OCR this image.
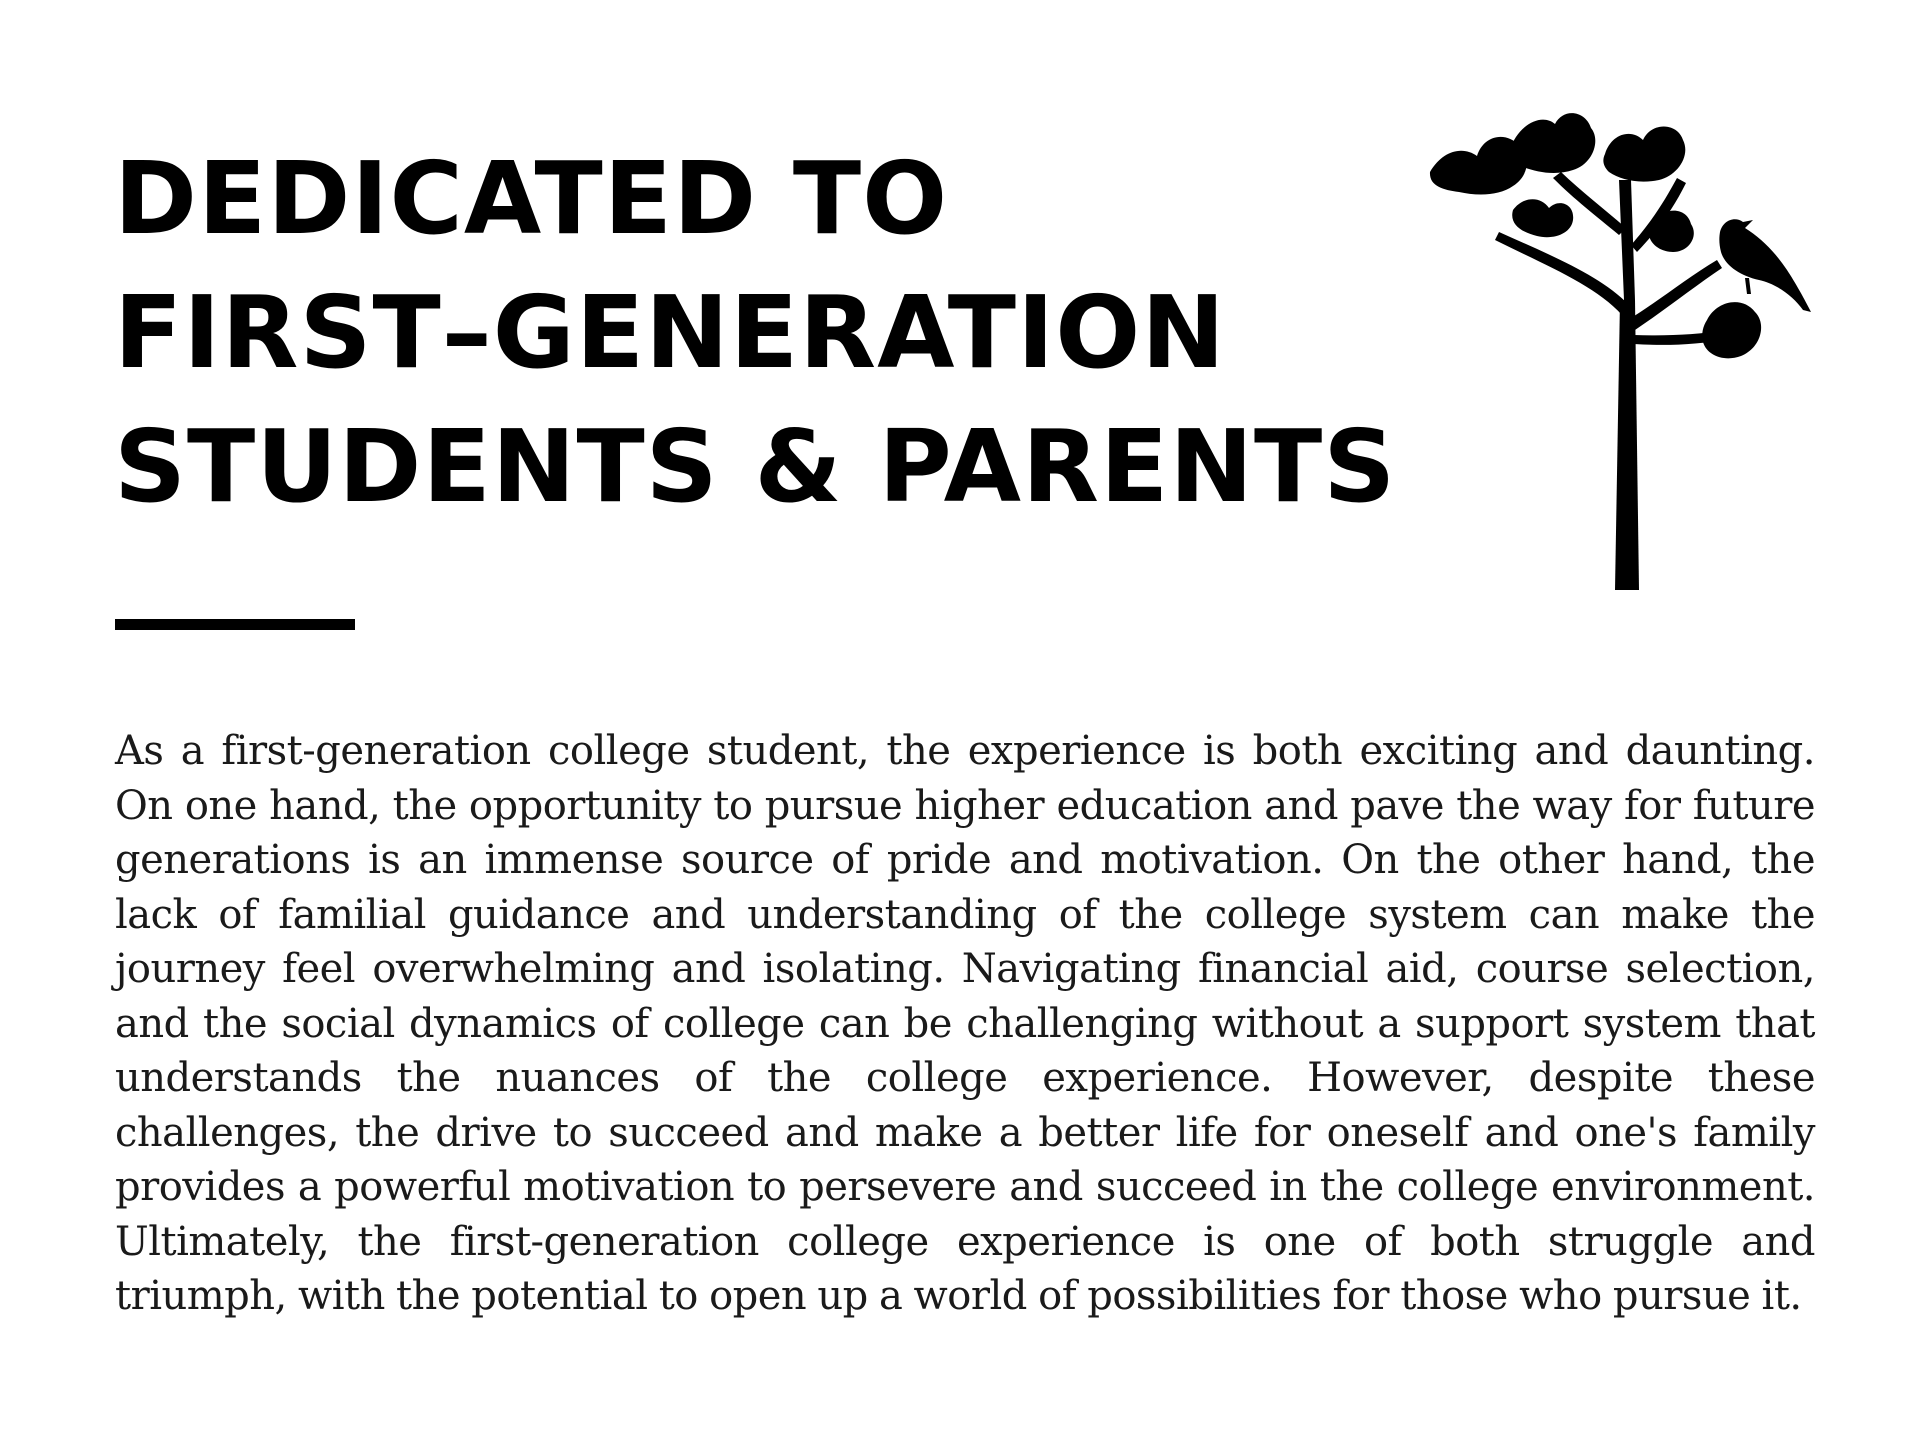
DEDICATED TO
FIRST–GENERATION
STUDENTS & PARENTS

As a first-generation college student, the experience is both exciting and daunting. On one hand, the opportunity to pursue higher education and pave the way for future generations is an immense source of pride and motivation. On the other hand, the lack of familial guidance and understanding of the college system can make the journey feel overwhelming and isolating. Navigating financial aid, course selection, and the social dynamics of college can be challenging without a support system that understands the nuances of the college experience. However, despite these challenges, the drive to succeed and make a better life for oneself and one's family provides a powerful motivation to persevere and succeed in the college environment. Ultimately, the first-generation college experience is one of both struggle and triumph, with the potential to open up a world of possibilities for those who pursue it.
